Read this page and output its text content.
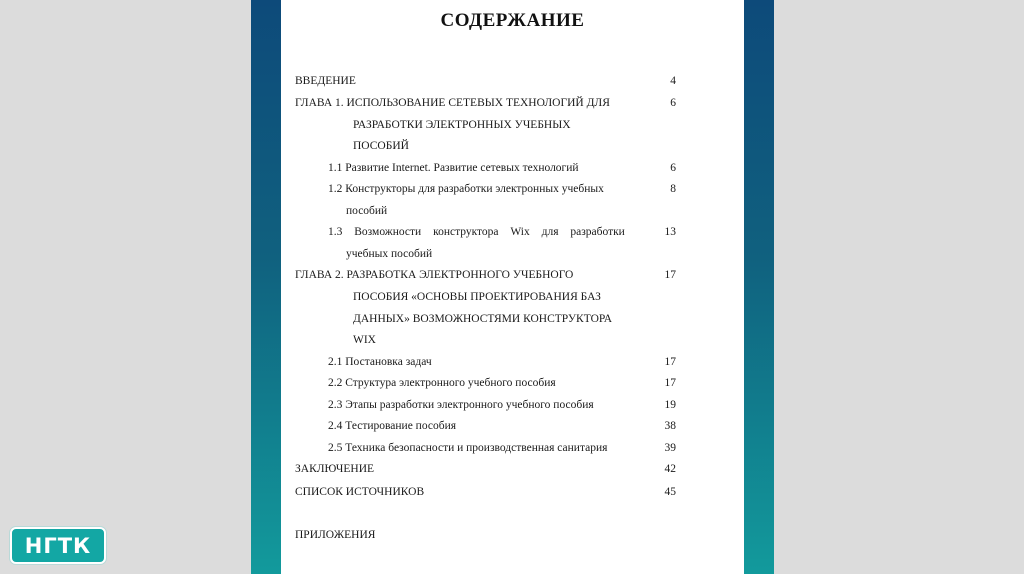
СОДЕРЖАНИЕ
ВВЕДЕНИЕ	4
ГЛАВА 1. ИСПОЛЬЗОВАНИЕ СЕТЕВЫХ ТЕХНОЛОГИЙ ДЛЯ	6
РАЗРАБОТКИ ЭЛЕКТРОННЫХ УЧЕБНЫХ
ПОСОБИЙ
1.1 Развитие Internet. Развитие сетевых технологий	6
1.2 Конструкторы для разработки электронных учебных	8
пособий
1.3 Возможности конструктора Wix для разработки	13
учебных пособий
ГЛАВА 2. РАЗРАБОТКА ЭЛЕКТРОННОГО УЧЕБНОГО	17
ПОСОБИЯ «ОСНОВЫ ПРОЕКТИРОВАНИЯ БАЗ
ДАННЫХ» ВОЗМОЖНОСТЯМИ КОНСТРУКТОРА
WIX
2.1 Постановка задач	17
2.2 Структура электронного учебного пособия	17
2.3 Этапы разработки электронного учебного пособия	19
2.4 Тестирование пособия	38
2.5 Техника безопасности и производственная санитария	39
ЗАКЛЮЧЕНИЕ	42
СПИСОК ИСТОЧНИКОВ	45
ПРИЛОЖЕНИЯ
НГТК
